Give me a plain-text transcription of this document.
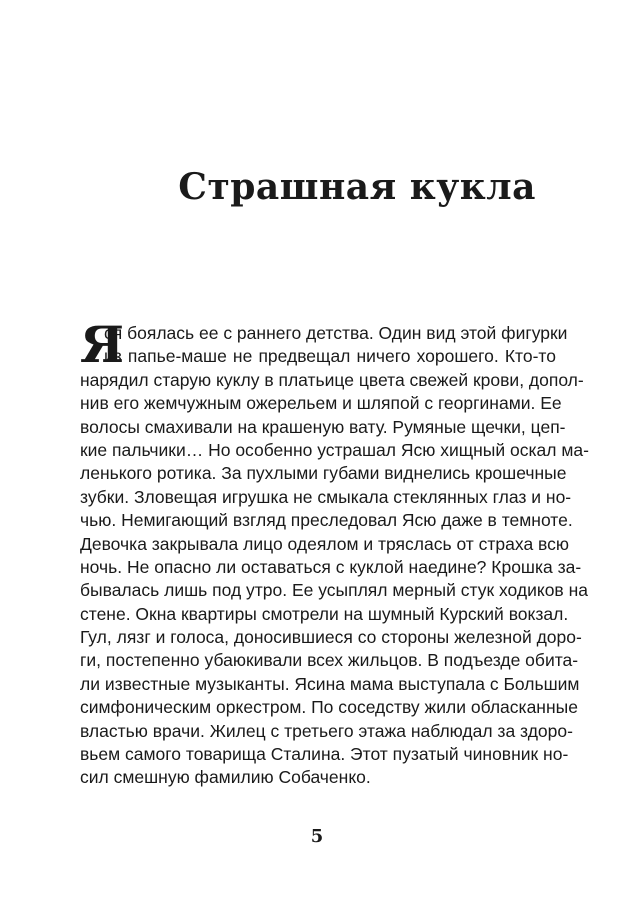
Страшная кукла
Я
ся боялась ее с раннего детства. Один вид этой фигурки
из папье-маше не предвещал ничего хорошего. Кто-то
нарядил старую куклу в платьице цвета свежей крови, допол-
нив его жемчужным ожерельем и шляпой с георгинами. Ее
волосы смахивали на крашеную вату. Румяные щечки, цеп-
кие пальчики… Но особенно устрашал Ясю хищный оскал ма-
ленького ротика. За пухлыми губами виднелись крошечные
зубки. Зловещая игрушка не смыкала стеклянных глаз и но-
чью. Немигающий взгляд преследовал Ясю даже в темноте.
Девочка закрывала лицо одеялом и тряслась от страха всю
ночь. Не опасно ли оставаться с куклой наедине? Крошка за-
бывалась лишь под утро. Ее усыплял мерный стук ходиков на
стене. Окна квартиры смотрели на шумный Курский вокзал.
Гул, лязг и голоса, доносившиеся со стороны железной доро-
ги, постепенно убаюкивали всех жильцов. В подъезде обита-
ли известные музыканты. Ясина мама выступала с Большим
симфоническим оркестром. По соседству жили обласканные
властью врачи. Жилец с третьего этажа наблюдал за здоро-
вьем самого товарища Сталина. Этот пузатый чиновник но-
сил смешную фамилию Собаченко.
5
